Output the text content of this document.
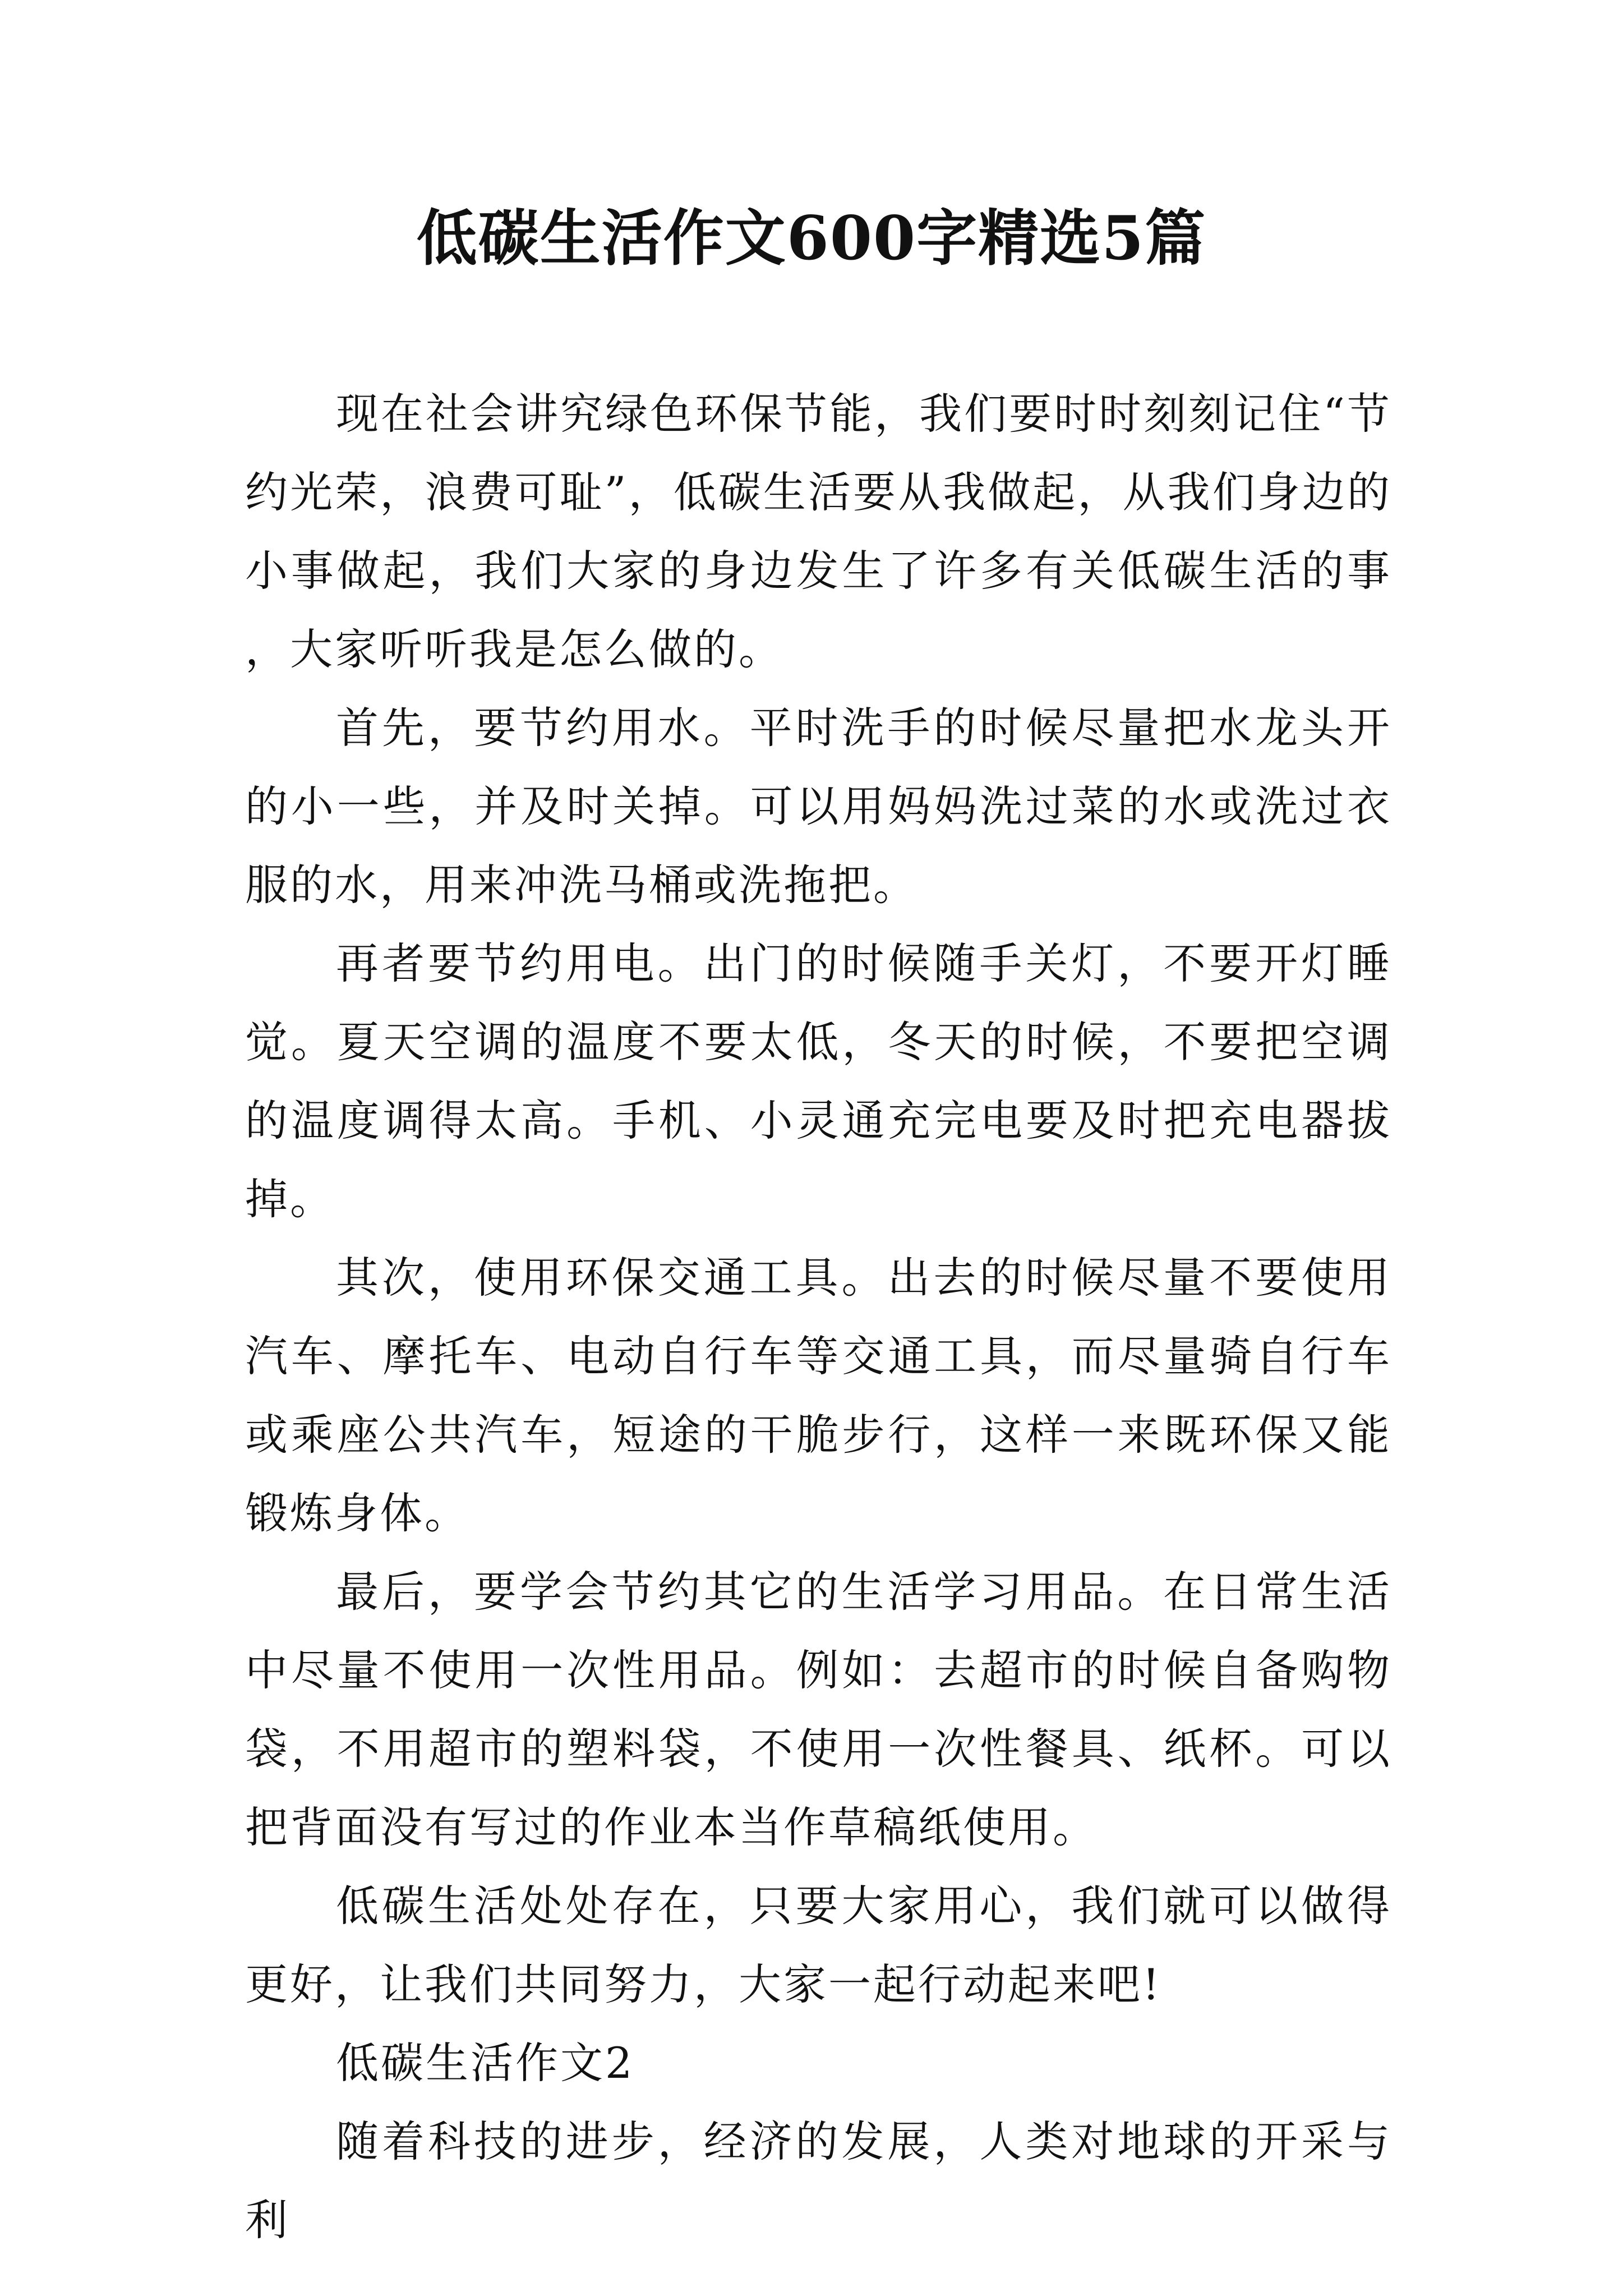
低碳生活作文600字精选5篇

现在社会讲究绿色环保节能，我们要时时刻刻记住“节约光荣，浪费可耻”，低碳生活要从我做起，从我们身边的小事做起，我们大家的身边发生了许多有关低碳生活的事，大家听听我是怎么做的。

首先，要节约用水。平时洗手的时候尽量把水龙头开的小一些，并及时关掉。可以用妈妈洗过菜的水或洗过衣服的水，用来冲洗马桶或洗拖把。

再者要节约用电。出门的时候随手关灯，不要开灯睡觉。夏天空调的温度不要太低，冬天的时候，不要把空调的温度调得太高。手机、小灵通充完电要及时把充电器拔掉。

其次，使用环保交通工具。出去的时候尽量不要使用汽车、摩托车、电动自行车等交通工具，而尽量骑自行车或乘座公共汽车，短途的干脆步行，这样一来既环保又能锻炼身体。

最后，要学会节约其它的生活学习用品。在日常生活中尽量不使用一次性用品。例如：去超市的时候自备购物袋，不用超市的塑料袋，不使用一次性餐具、纸杯。可以把背面没有写过的作业本当作草稿纸使用。

低碳生活处处存在，只要大家用心，我们就可以做得更好，让我们共同努力，大家一起行动起来吧!

低碳生活作文2

随着科技的进步，经济的发展，人类对地球的开采与利
